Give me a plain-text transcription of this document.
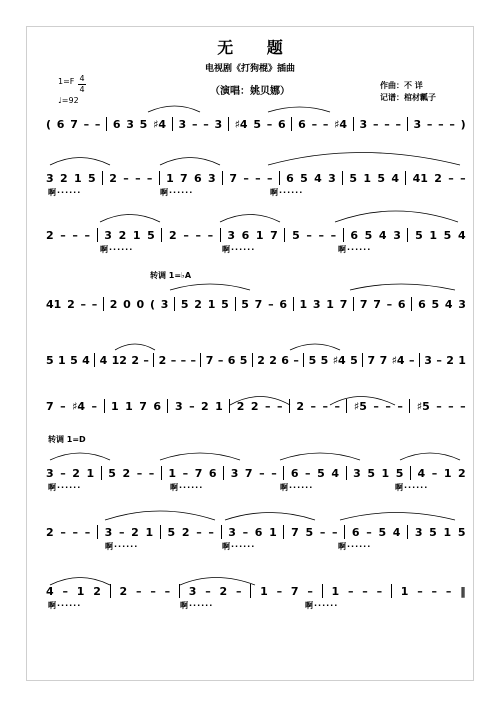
无 题
电视剧《打狗棍》插曲
（演唱：姚贝娜）
作曲：不 详
记谱：棺材瓤子
1=F 4
4
♩=92
转调 1=♭A
转调 1=D
( 6 7 – – 6 3 5 ♯4 3 – – 3 ♯4 5 – 6 6 – – ♯4 3 – – – 3 – – – )
3 2 1 5 2 – – – 1 7 6 3 7 – – – 6 5 4 3 5 1 5 4 41 2 – –
啊······	啊······	啊······
2 – – – 3 2 1 5 2 – – – 3 6 1 7 5 – – – 6 5 4 3 5 1 5 4
啊······	啊······	啊······
41 2 – – 2 0 0 ( 3 5 2 1 5 5 7 – 6 1 3 1 7 7 7 – 6 6 5 4 3
5 1 5 4 4 12 2 – 2 – – – 7 – 6 5 2 2 6 – 5 5 ♯4 5 7 7 ♯4 – 3 – 2 1
7 – ♯4 – 1 1 7 6 3 – 2 1 2 2 – – 2 – – – ♯5 – – – ♯5 – – –
3 – 2 1 5 2 – – 1 – 7 6 3 7 – – 6 – 5 4 3 5 1 5 4 – 1 2
啊······	啊······	啊······	啊······
2 – – – 3 – 2 1 5 2 – – 3 – 6 1 7 5 – – 6 – 5 4 3 5 1 5
啊······	啊······	啊······
4 – 1 2 2 – – – 3 – 2 – 1 – 7 – 1 – – – 1 – – – ‖
啊······	啊······	啊······
